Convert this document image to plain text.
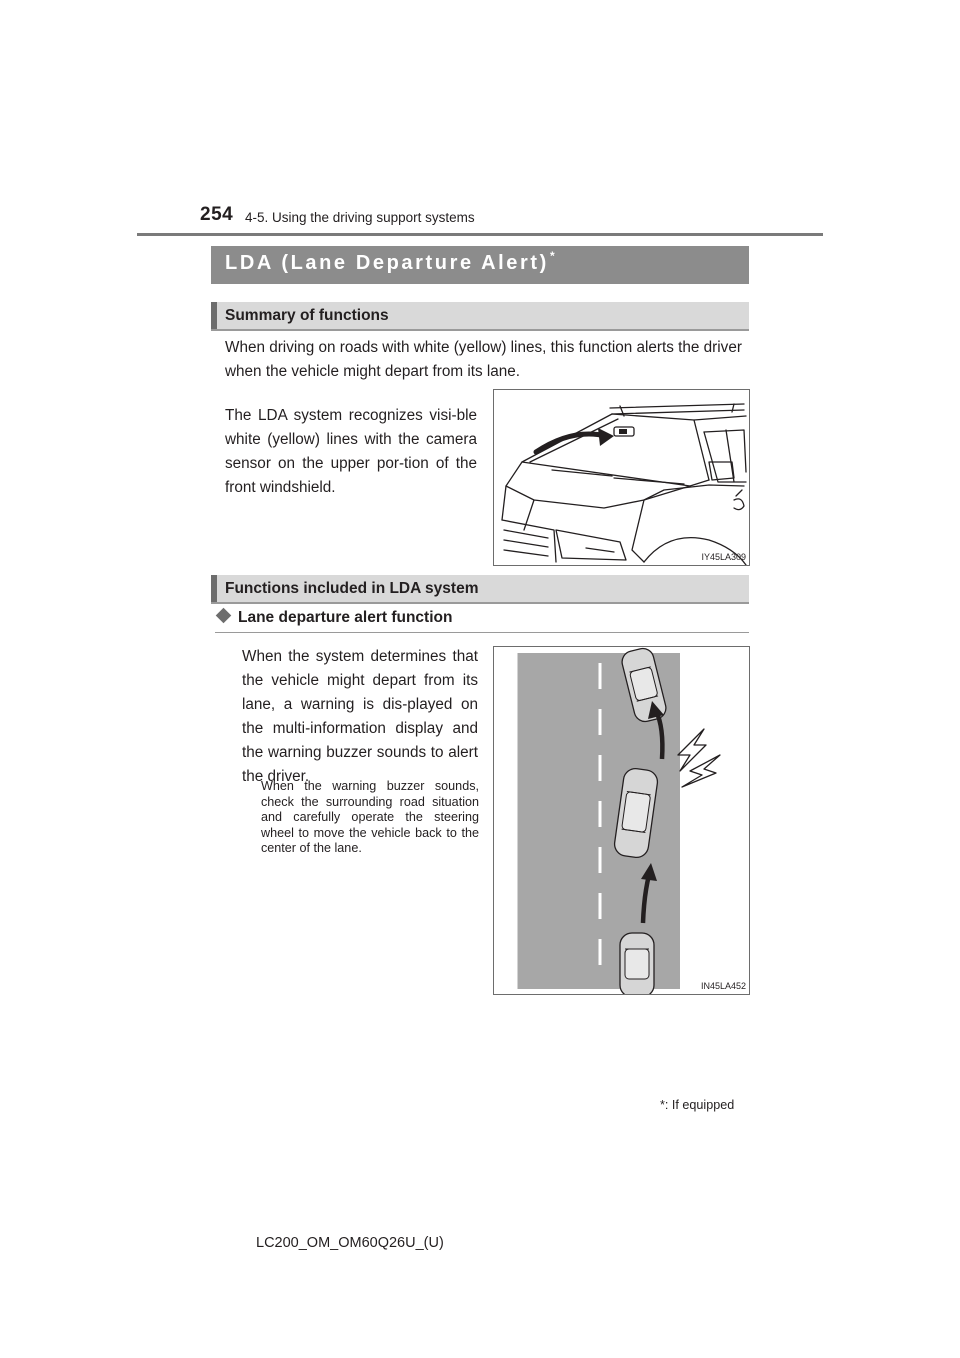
254 4-5. Using the driving support systems
LDA (Lane Departure Alert)*
Summary of functions
When driving on roads with white (yellow) lines, this function alerts the driver when the vehicle might depart from its lane.
The LDA system recognizes visi-ble white (yellow) lines with the camera sensor on the upper por-tion of the front windshield.
IY45LA309
Functions included in LDA system
Lane departure alert function
When the system determines that the vehicle might depart from its lane, a warning is dis-played on the multi-information display and the warning buzzer sounds to alert the driver.
When the warning buzzer sounds, check the surrounding road situation and carefully operate the steering wheel to move the vehicle back to the center of the lane.
IN45LA452
*: If equipped
LC200_OM_OM60Q26U_(U)
